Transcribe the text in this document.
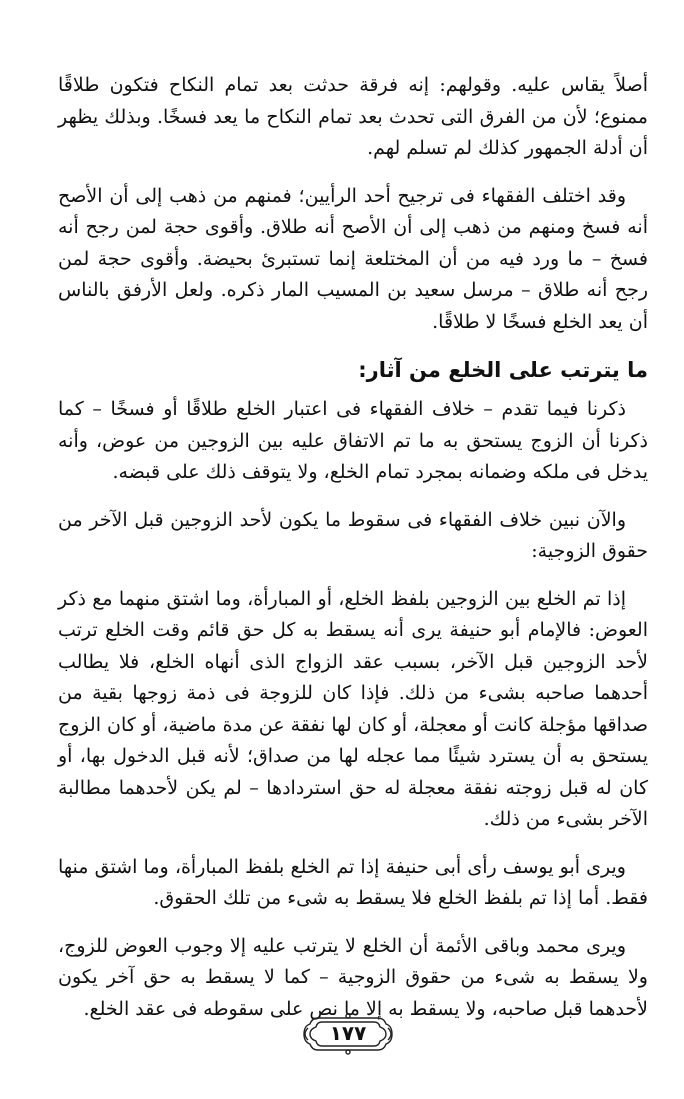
أصلاً يقاس عليه. وقولهم: إنه فرقة حدثت بعد تمام النكاح فتكون طلاقًا ممنوع؛ لأن من الفرق التى تحدث بعد تمام النكاح ما يعد فسخًا. وبذلك يظهر أن أدلة الجمهور كذلك لم تسلم لهم.

وقد اختلف الفقهاء فى ترجيح أحد الرأيين؛ فمنهم من ذهب إلى أن الأصح أنه فسخ ومنهم من ذهب إلى أن الأصح أنه طلاق. وأقوى حجة لمن رجح أنه فسخ – ما ورد فيه من أن المختلعة إنما تستبرئ بحيضة. وأقوى حجة لمن رجح أنه طلاق – مرسل سعيد بن المسيب المار ذكره. ولعل الأرفق بالناس أن يعد الخلع فسخًا لا طلاقًا.

ما يترتب على الخلع من آثار:

ذكرنا فيما تقدم – خلاف الفقهاء فى اعتبار الخلع طلاقًا أو فسخًا – كما ذكرنا أن الزوج يستحق به ما تم الاتفاق عليه بين الزوجين من عوض، وأنه يدخل فى ملكه وضمانه بمجرد تمام الخلع، ولا يتوقف ذلك على قبضه.

والآن نبين خلاف الفقهاء فى سقوط ما يكون لأحد الزوجين قبل الآخر من حقوق الزوجية:

إذا تم الخلع بين الزوجين بلفظ الخلع، أو المبارأة، وما اشتق منهما مع ذكر العوض: فالإمام أبو حنيفة يرى أنه يسقط به كل حق قائم وقت الخلع ترتب لأحد الزوجين قبل الآخر، بسبب عقد الزواج الذى أنهاه الخلع، فلا يطالب أحدهما صاحبه بشىء من ذلك. فإذا كان للزوجة فى ذمة زوجها بقية من صداقها مؤجلة كانت أو معجلة، أو كان لها نفقة عن مدة ماضية، أو كان الزوج يستحق به أن يسترد شيئًا مما عجله لها من صداق؛ لأنه قبل الدخول بها، أو كان له قبل زوجته نفقة معجلة له حق استردادها – لم يكن لأحدهما مطالبة الآخر بشىء من ذلك.

ويرى أبو يوسف رأى أبى حنيفة إذا تم الخلع بلفظ المبارأة، وما اشتق منها فقط. أما إذا تم بلفظ الخلع فلا يسقط به شىء من تلك الحقوق.

ويرى محمد وباقى الأئمة أن الخلع لا يترتب عليه إلا وجوب العوض للزوج، ولا يسقط به شىء من حقوق الزوجية – كما لا يسقط به حق آخر يكون لأحدهما قبل صاحبه، ولا يسقط به إلا ما نص على سقوطه فى عقد الخلع.

١٧٧
